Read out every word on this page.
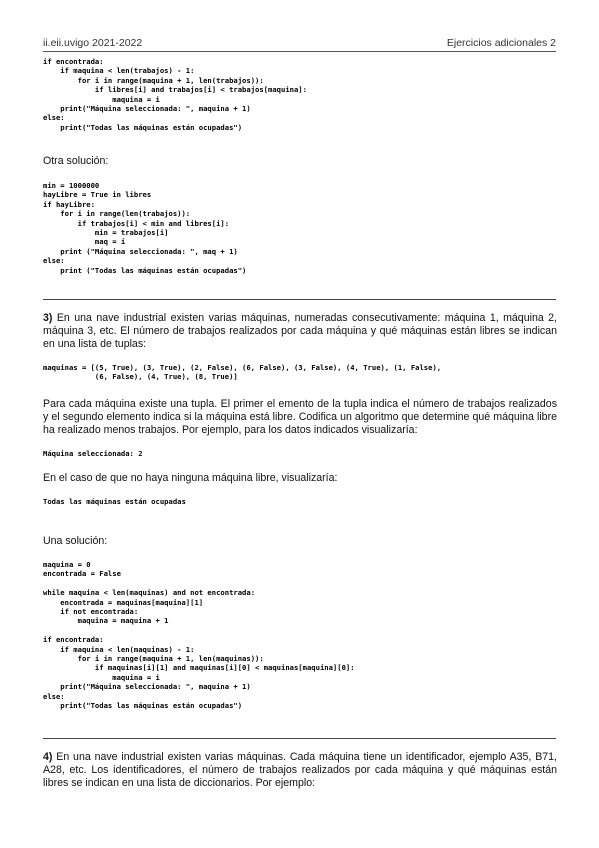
ii.eii.uvigo 2021-2022	Ejercicios adicionales 2
if encontrada:
if maquina < len(trabajos) - 1:
for i in range(maquina + 1, len(trabajos)):
if libres[i] and trabajos[i] < trabajos[maquina]:
maquina = i
print("Máquina seleccionada: ", maquina + 1)
else:
print("Todas las máquinas están ocupadas")
Otra solución:
min = 1000000
hayLibre = True in libres
if hayLibre:
for i in range(len(trabajos)):
if trabajos[i] < min and libres[i]:
min = trabajos[i]
maq = i
print ("Máquina seleccionada: ", maq + 1)
else:
print ("Todas las máquinas están ocupadas")
3) En una nave industrial existen varias máquinas, numeradas consecutivamente: máquina 1, máquina 2, máquina 3, etc. El número de trabajos realizados por cada máquina y qué máquinas están libres se indican en una lista de tuplas:
maquinas = [(5, True), (3, True), (2, False), (6, False), (3, False), (4, True), (1, False),
(6, False), (4, True), (8, True)]
Para cada máquina existe una tupla. El primer el emento de la tupla indica el número de trabajos realizados y el segundo elemento indica si la máquina está libre. Codifica un algoritmo que determine qué máquina libre ha realizado menos trabajos. Por ejemplo, para los datos indicados visualizaría:
Máquina seleccionada: 2
En el caso de que no haya ninguna máquina libre, visualizaría:
Todas las máquinas están ocupadas
Una solución:
maquina = 0
encontrada = False

while maquina < len(maquinas) and not encontrada:
encontrada = maquinas[maquina][1]
if not encontrada:
maquina = maquina + 1

if encontrada:
if maquina < len(maquinas) - 1:
for i in range(maquina + 1, len(maquinas)):
if maquinas[i][1] and maquinas[i][0] < maquinas[maquina][0]:
maquina = i
print("Máquina seleccionada: ", maquina + 1)
else:
print("Todas las máquinas están ocupadas")
4) En una nave industrial existen varias máquinas. Cada máquina tiene un identificador, ejemplo A35, B71, A28, etc. Los identificadores, el número de trabajos realizados por cada máquina y qué máquinas están libres se indican en una lista de diccionarios. Por ejemplo:
